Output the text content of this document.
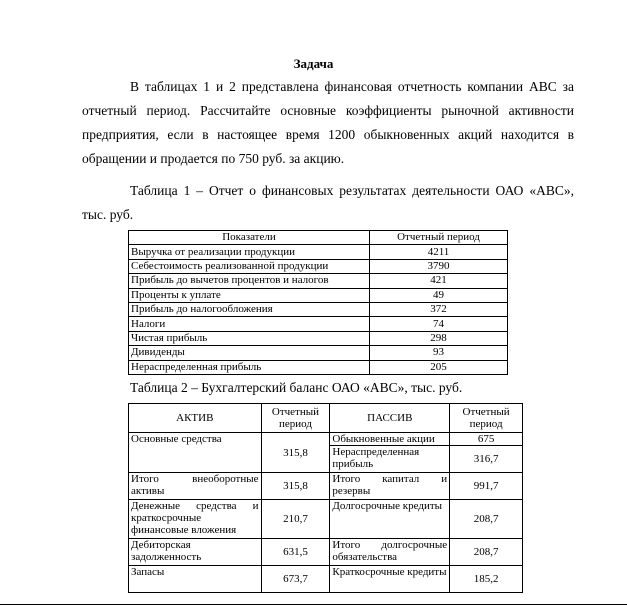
Задача

В таблицах 1 и 2 представлена финансовая отчетность компании ABC за отчетный период. Рассчитайте основные коэффициенты рыночной активности предприятия, если в настоящее время 1200 обыкновенных акций находится в обращении и продается по 750 руб. за акцию.

Таблица 1 – Отчет о финансовых результатах деятельности ОАО «АВС», тыс. руб.

Показатели	Отчетный период
Выручка от реализации продукции	4211
Себестоимость реализованной продукции	3790
Прибыль до вычетов процентов и налогов	421
Проценты к уплате	49
Прибыль до налогообложения	372
Налоги	74
Чистая прибыль	298
Дивиденды	93
Нераспределенная прибыль	205

Таблица 2 – Бухгалтерский баланс ОАО «АВС», тыс. руб.

АКТИВ	Отчетный период	ПАССИВ	Отчетный период
Основные средства	315,8	Обыкновенные акции	675
		Нераспределенная прибыль	316,7
Итого внеоборотные активы	315,8	Итого капитал и резервы	991,7
Денежные средства и краткосрочные финансовые вложения	210,7	Долгосрочные кредиты	208,7
Дебиторская задолженность	631,5	Итого долгосрочные обязательства	208,7
Запасы	673,7	Краткосрочные кредиты	185,2
